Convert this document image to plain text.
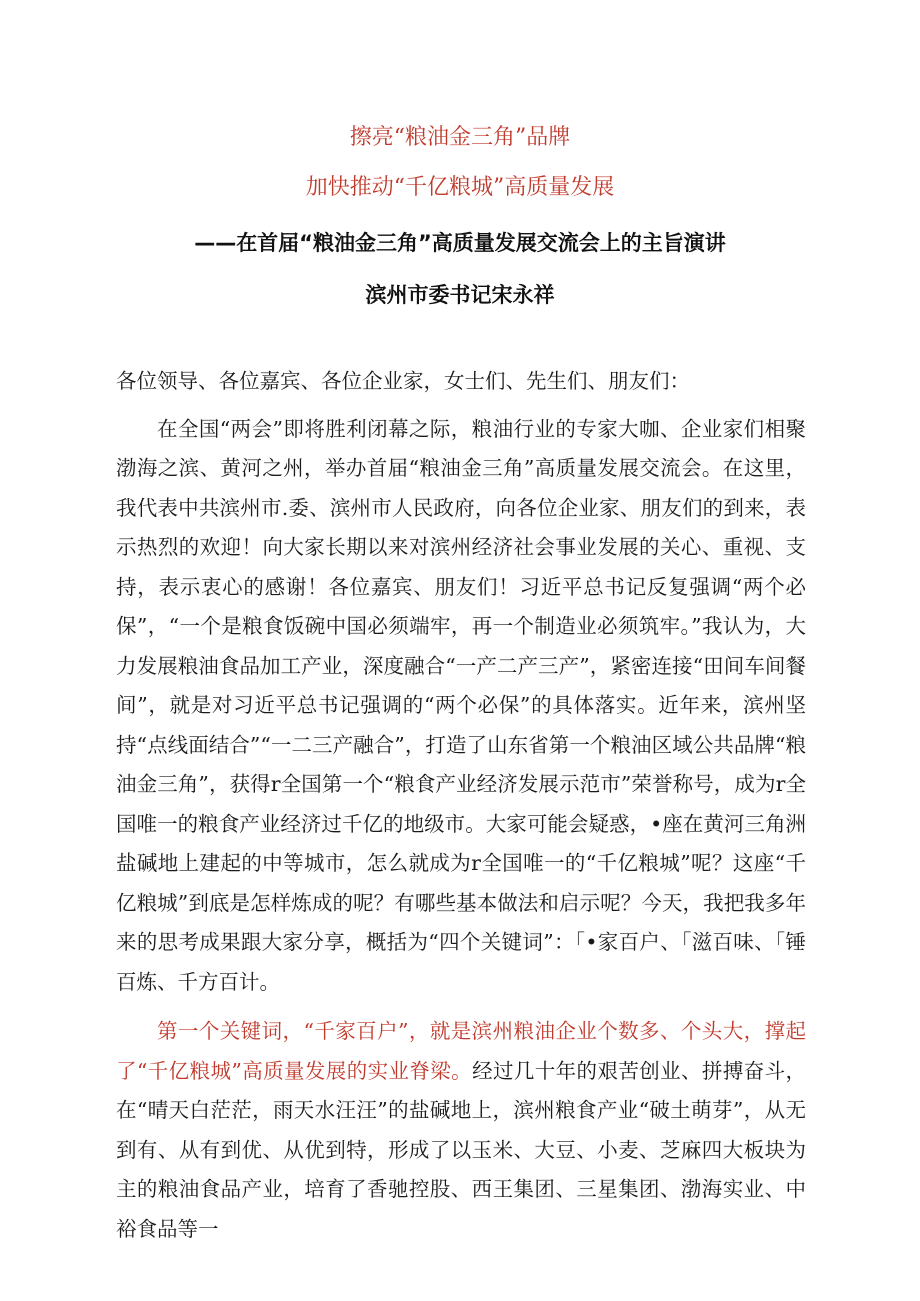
擦亮“粮油金三角”品牌
加快推动“千亿粮城”高质量发展
——在首届“粮油金三角”高质量发展交流会上的主旨演讲
滨州市委书记宋永祥

各位领导、各位嘉宾、各位企业家，女士们、先生们、朋友们：

在全国“两会”即将胜利闭幕之际，粮油行业的专家大咖、企业家们相聚渤海之滨、黄河之州，举办首届“粮油金三角”高质量发展交流会。在这里，我代表中共滨州市.委、滨州市人民政府，向各位企业家、朋友们的到来，表示热烈的欢迎！向大家长期以来对滨州经济社会事业发展的关心、重视、支持，表示衷心的感谢！各位嘉宾、朋友们！习近平总书记反复强调“两个必保”，“一个是粮食饭碗中国必须端牢，再一个制造业必须筑牢。”我认为，大力发展粮油食品加工产业，深度融合“一产二产三产”，紧密连接“田间车间餐间”，就是对习近平总书记强调的“两个必保”的具体落实。近年来，滨州坚持“点线面结合”“一二三产融合”，打造了山东省第一个粮油区域公共品牌“粮油金三角”，获得r全国第一个“粮食产业经济发展示范市”荣誉称号，成为r全国唯一的粮食产业经济过千亿的地级市。大家可能会疑惑，•座在黄河三角洲盐碱地上建起的中等城市，怎么就成为r全国唯一的“千亿粮城”呢？这座“千亿粮城”到底是怎样炼成的呢？有哪些基本做法和启示呢？今天，我把我多年来的思考成果跟大家分享，概括为“四个关键词”：「•家百户、「滋百味、「锤百炼、千方百计。

第一个关键词，“千家百户”，就是滨州粮油企业个数多、个头大，撑起了“千亿粮城”高质量发展的实业脊梁。经过几十年的艰苦创业、拼搏奋斗，在“晴天白茫茫，雨天水汪汪”的盐碱地上，滨州粮食产业“破土萌芽”，从无到有、从有到优、从优到特，形成了以玉米、大豆、小麦、芝麻四大板块为主的粮油食品产业，培育了香驰控股、西王集团、三星集团、渤海实业、中裕食品等一
